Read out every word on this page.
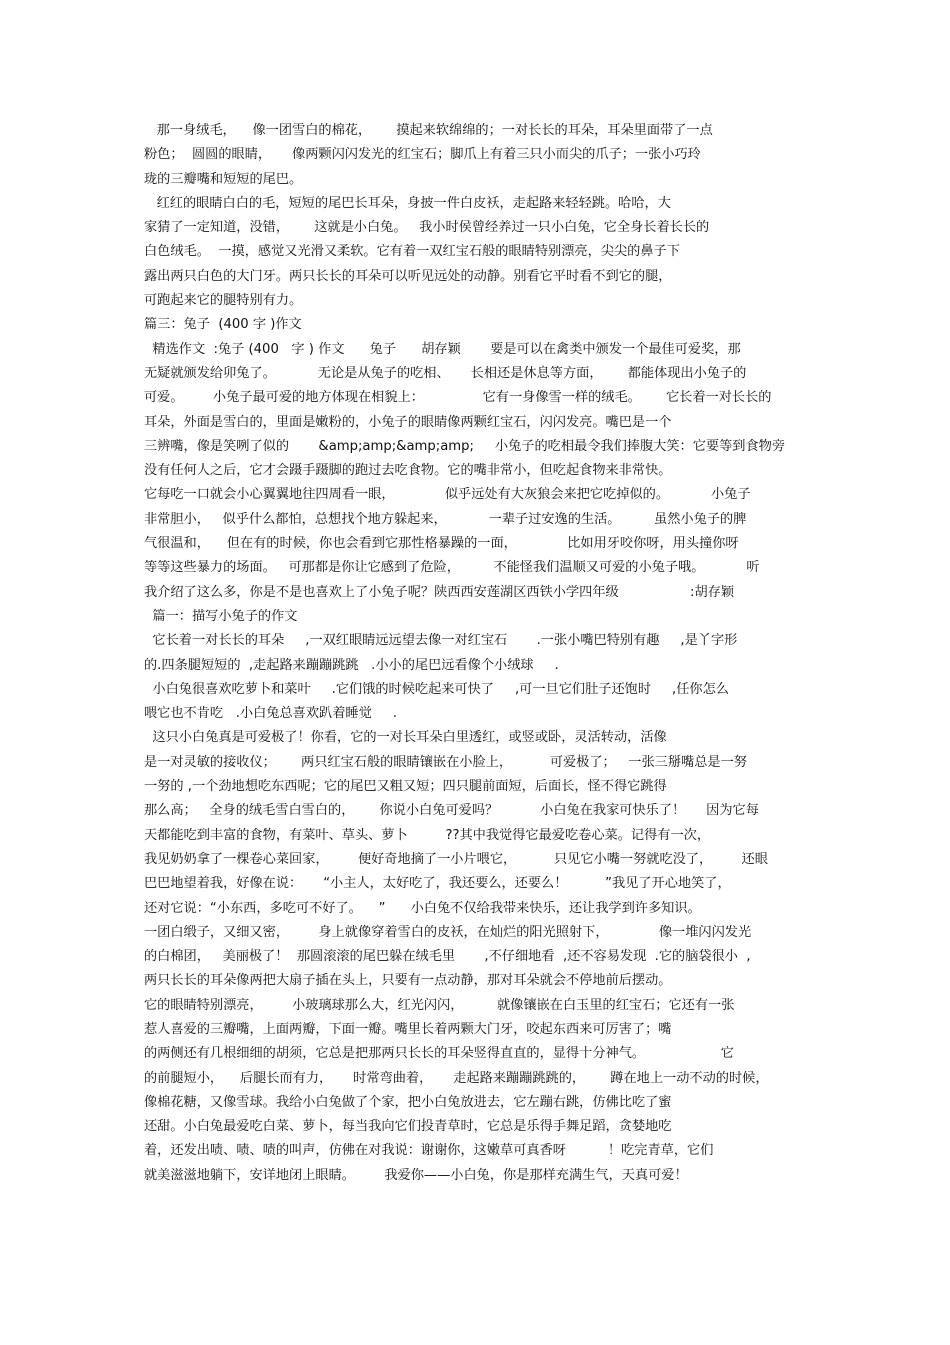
那一身绒毛，    像一团雪白的棉花，      摸起来软绵绵的；一对长长的耳朵，耳朵里面带了一点
粉色；  圆圆的眼睛，     像两颗闪闪发光的红宝石；脚爪上有着三只小而尖的爪子；一张小巧玲
珑的三瓣嘴和短短的尾巴。
红红的眼睛白白的毛，短短的尾巴长耳朵，身披一件白皮袄，走起路来轻轻跳。哈哈，大
家猜了一定知道，没错，      这就是小白兔。   我小时侯曾经养过一只小白兔，它全身长着长长的
白色绒毛。  一摸，感觉又光滑又柔软。它有着一双红宝石般的眼睛特别漂亮，尖尖的鼻子下
露出两只白色的大门牙。两只长长的耳朵可以听见远处的动静。别看它平时看不到它的腿，
可跑起来它的腿特别有力。
篇三：兔子  (400 字 )作文
精选作文  :兔子 (400   字 ) 作文      兔子      胡存颖       要是可以在禽类中颁发一个最佳可爱奖，那
无疑就颁发给卯兔了。          无论是从兔子的吃相、     长相还是休息等方面，      都能体现出小兔子的
可爱。       小兔子最可爱的地方体现在相貌上：              它有一身像雪一样的绒毛。      它长着一对长长的
耳朵，外面是雪白的，里面是嫩粉的，小兔子的眼睛像两颗红宝石，闪闪发亮。嘴巴是一个
三辨嘴，像是笑咧了似的       &amp;amp;&amp;amp;     小兔子的吃相最令我们捧腹大笑：它要等到食物旁
没有任何人之后，它才会蹑手蹑脚的跑过去吃食物。它的嘴非常小，但吃起食物来非常快。
它每吃一口就会小心翼翼地往四周看一眼，            似乎远处有大灰狼会来把它吃掉似的。          小兔子
非常胆小，   似乎什么都怕，总想找个地方躲起来，          一辈子过安逸的生活。        虽然小兔子的脾
气很温和，    但在有的时候，你也会看到它那性格暴躁的一面，            比如用牙咬你呀，用头撞你呀
等等这些暴力的场面。   可那都是你让它感到了危险，        不能怪我们温顺又可爱的小兔子哦。          听
我介绍了这么多，你是不是也喜欢上了小兔子呢？陕西西安莲湖区西铁小学四年级                 :胡存颖
篇一：描写小兔子的作文
它长着一对长长的耳朵     ,一双红眼睛远远望去像一对红宝石       .一张小嘴巴特别有趣     ,是丫字形
的.四条腿短短的  ,走起路来蹦蹦跳跳   .小小的尾巴远看像个小绒球     .
小白兔很喜欢吃萝卜和菜叶     .它们饿的时候吃起来可快了     ,可一旦它们肚子还饱时     ,任你怎么
喂它也不肯吃   .小白兔总喜欢趴着睡觉     .
这只小白兔真是可爱极了！你看，它的一对长耳朵白里透红，或竖或卧，灵活转动，活像
是一对灵敏的接收仪；      两只红宝石般的眼睛镶嵌在小脸上，         可爱极了；   一张三掰嘴总是一努
一努的 ,一个劲地想吃东西呢；它的尾巴又粗又短；四只腿前面短，后面长，怪不得它跳得
那么高；   全身的绒毛雪白雪白的，      你说小白兔可爱吗？          小白兔在我家可快乐了！     因为它每
天都能吃到丰富的食物，有菜叶、草头、萝卜         ??其中我觉得它最爱吃卷心菜。记得有一次，
我见奶奶拿了一棵卷心菜回家，       便好奇地摘了一小片喂它，         只见它小嘴一努就吃没了，       还眼
巴巴地望着我，好像在说：     “小主人，太好吃了，我还要么，还要么！         ”我见了开心地笑了，
还对它说：“小东西，多吃可不好了。    ”      小白兔不仅给我带来快乐，还让我学到许多知识。
一团白缎子，又细又密，       身上就像穿着雪白的皮袄，在灿烂的阳光照射下，            像一堆闪闪发光
的白棉团，   美丽极了！  那圆滚滚的尾巴躲在绒毛里       ,不仔细地看  ,还不容易发现  .它的脑袋很小  ,
两只长长的耳朵像两把大扇子插在头上，只要有一点动静，那对耳朵就会不停地前后摆动。
它的眼睛特别漂亮，       小玻璃球那么大，红光闪闪，        就像镶嵌在白玉里的红宝石；它还有一张
惹人喜爱的三瓣嘴，上面两瓣，下面一瓣。嘴里长着两颗大门牙，咬起东西来可厉害了；嘴
的两侧还有几根细细的胡须，它总是把那两只长长的耳朵竖得直直的，显得十分神气。                  它
的前腿短小，    后腿长而有力，     时常弯曲着，     走起路来蹦蹦跳跳的，      蹲在地上一动不动的时候，
像棉花糖，又像雪球。我给小白兔做了个家，把小白兔放进去，它左蹦右跳，仿佛比吃了蜜
还甜。小白兔最爱吃白菜、萝卜，每当我向它们投青草时，它总是乐得手舞足蹈，贪婪地吃
着，还发出啧、啧、啧的叫声，仿佛在对我说：谢谢你，这嫩草可真香呀          ！吃完青草，它们
就美滋滋地躺下，安详地闭上眼睛。       我爱你——小白兔，你是那样充满生气，天真可爱！
